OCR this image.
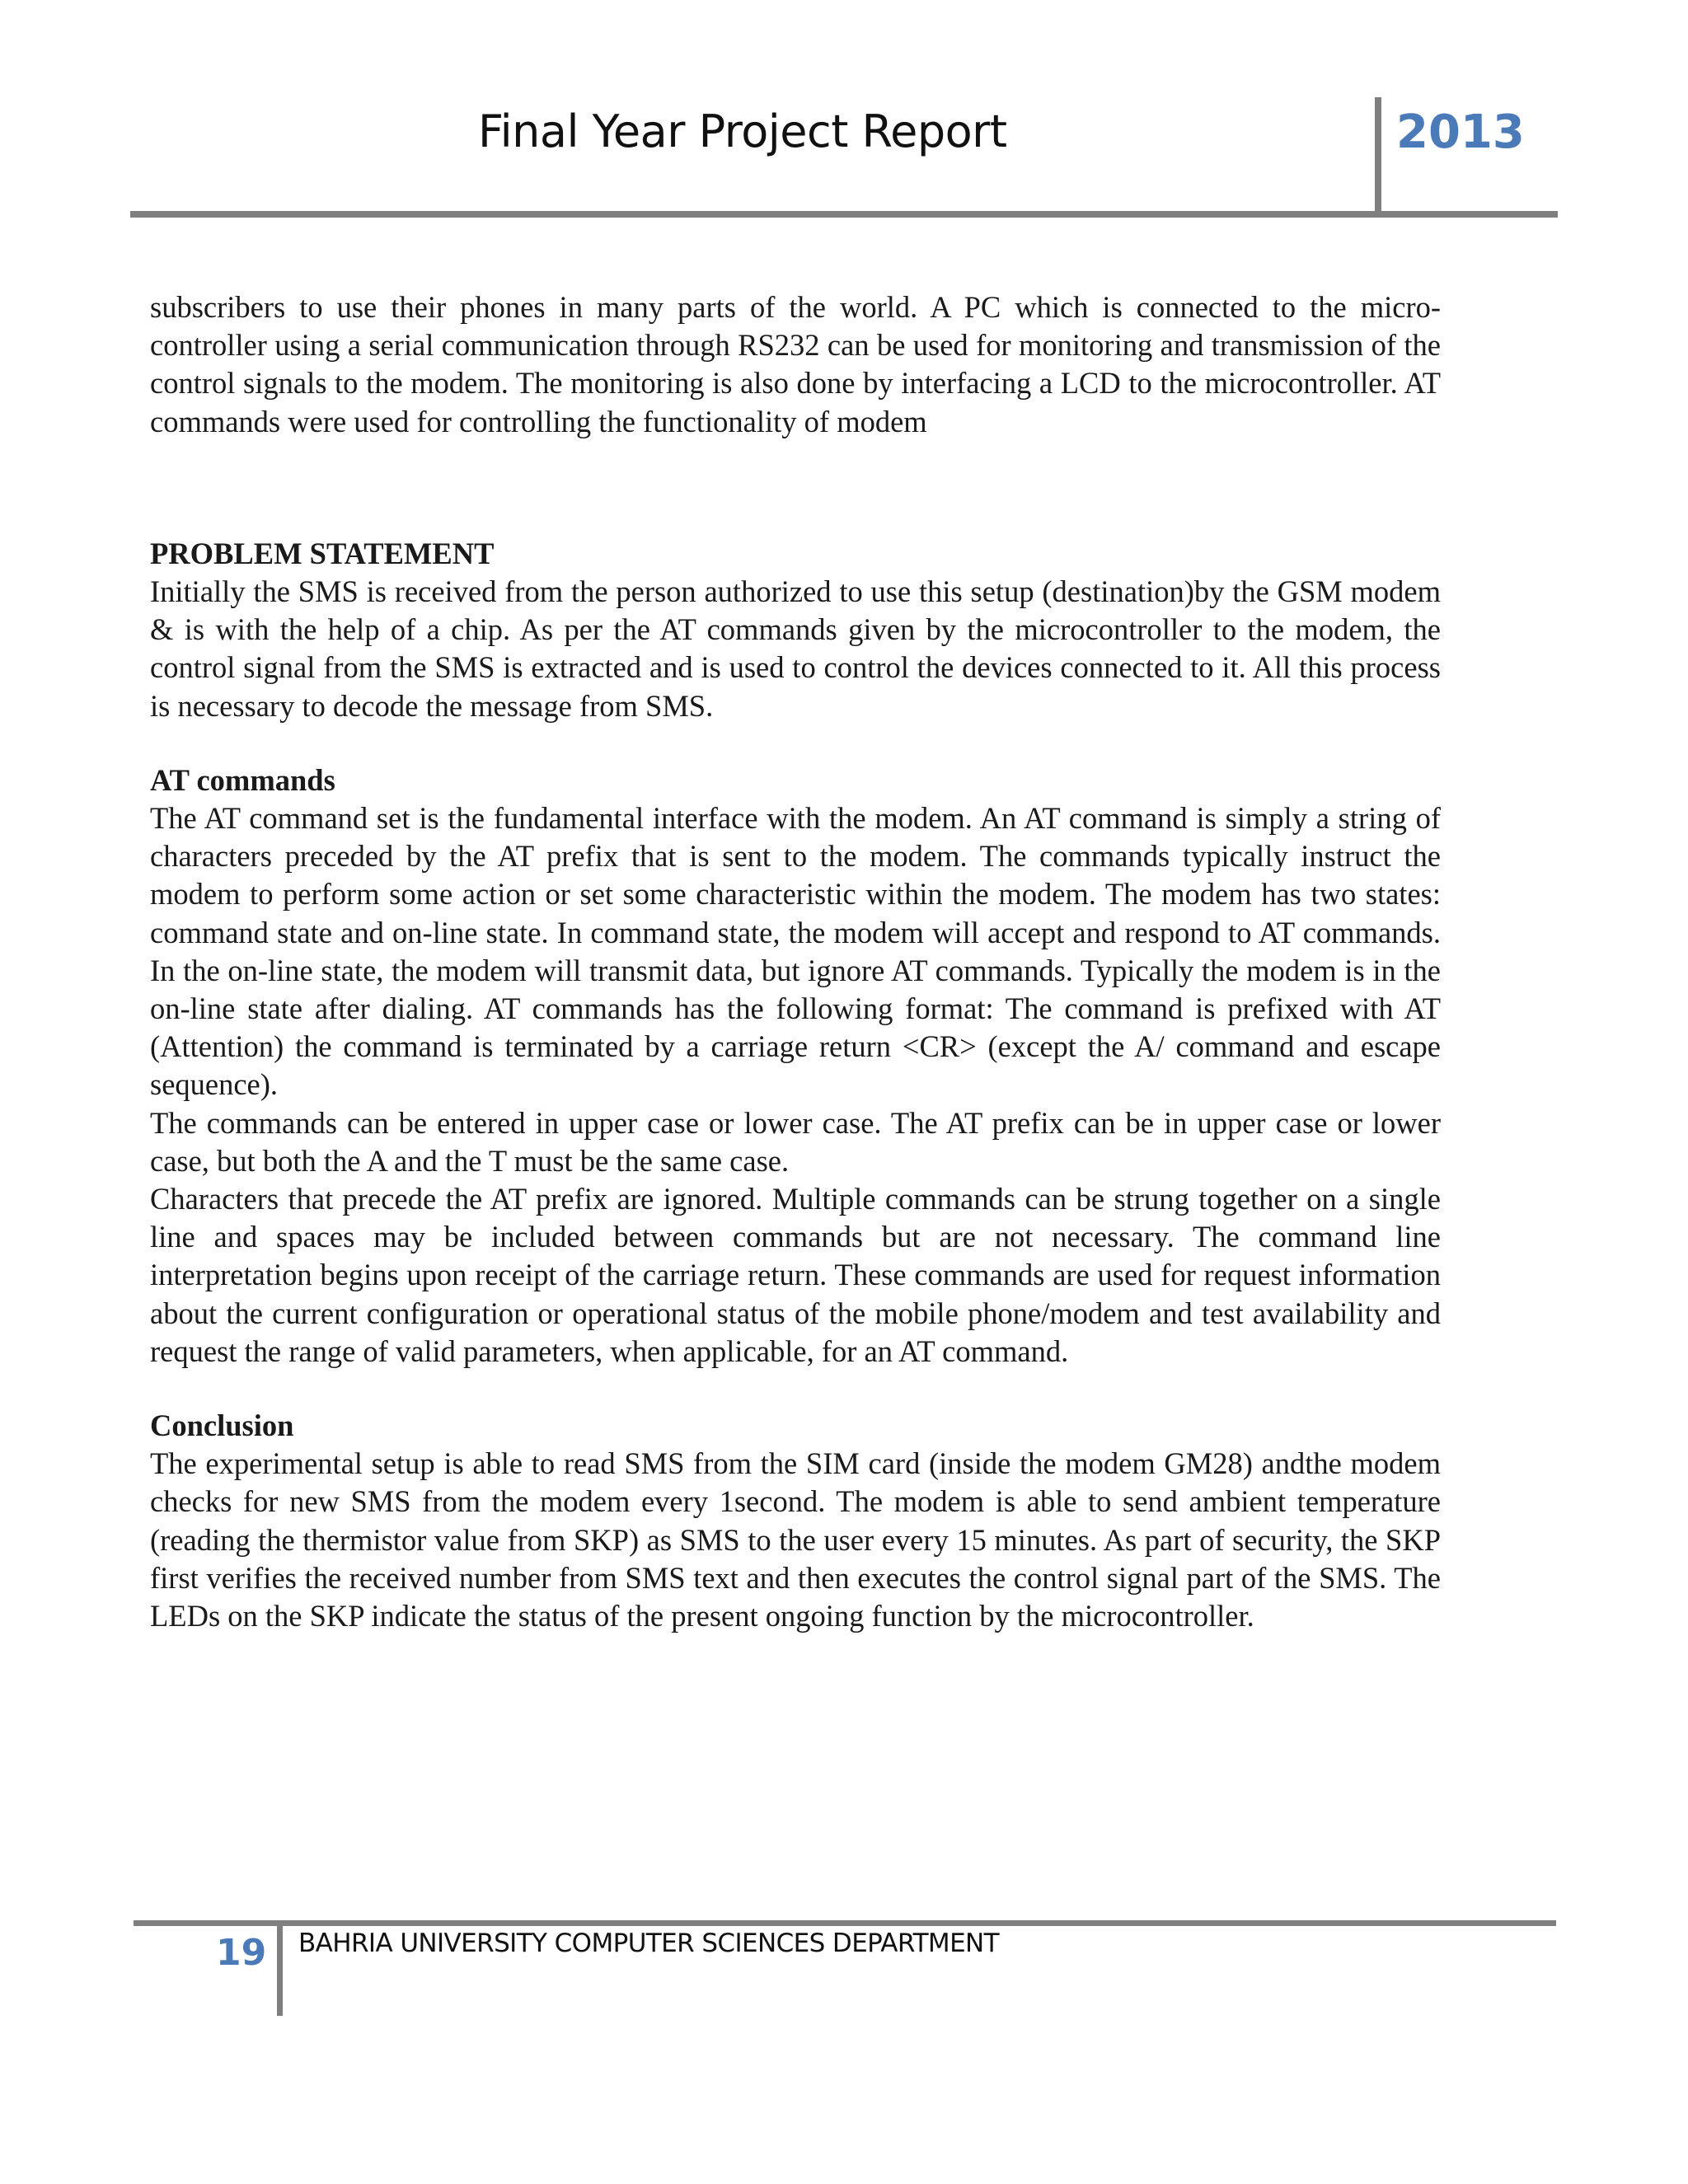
Final Year Project Report	2013

subscribers to use their phones in many parts of the world. A PC which is connected to the micro-controller using a serial communication through RS232 can be used for monitoring and transmission of the control signals to the modem. The monitoring is also done by interfacing a LCD to the microcontroller. AT commands were used for controlling the functionality of modem

PROBLEM STATEMENT

Initially the SMS is received from the person authorized to use this setup (destination)by the GSM modem & is with the help of a chip. As per the AT commands given by the microcontroller to the modem, the control signal from the SMS is extracted and is used to control the devices connected to it. All this process is necessary to decode the message from SMS.

AT commands

The AT command set is the fundamental interface with the modem. An AT command is simply a string of characters preceded by the AT prefix that is sent to the modem. The commands typically instruct the modem to perform some action or set some characteristic within the modem. The modem has two states: command state and on-line state. In command state, the modem will accept and respond to AT commands. In the on-line state, the modem will transmit data, but ignore AT commands. Typically the modem is in the on-line state after dialing. AT commands has the following format: The command is prefixed with AT (Attention) the command is terminated by a carriage return <CR> (except the A/ command and escape sequence).

The commands can be entered in upper case or lower case. The AT prefix can be in upper case or lower case, but both the A and the T must be the same case.

Characters that precede the AT prefix are ignored. Multiple commands can be strung together on a single line and spaces may be included between commands but are not necessary. The command line interpretation begins upon receipt of the carriage return. These commands are used for request information about the current configuration or operational status of the mobile phone/modem and test availability and request the range of valid parameters, when applicable, for an AT command.

Conclusion

The experimental setup is able to read SMS from the SIM card (inside the modem GM28) andthe modem checks for new SMS from the modem every 1second. The modem is able to send ambient temperature (reading the thermistor value from SKP) as SMS to the user every 15 minutes. As part of security, the SKP first verifies the received number from SMS text and then executes the control signal part of the SMS. The LEDs on the SKP indicate the status of the present ongoing function by the microcontroller.

19 BAHRIA UNIVERSITY COMPUTER SCIENCES DEPARTMENT
